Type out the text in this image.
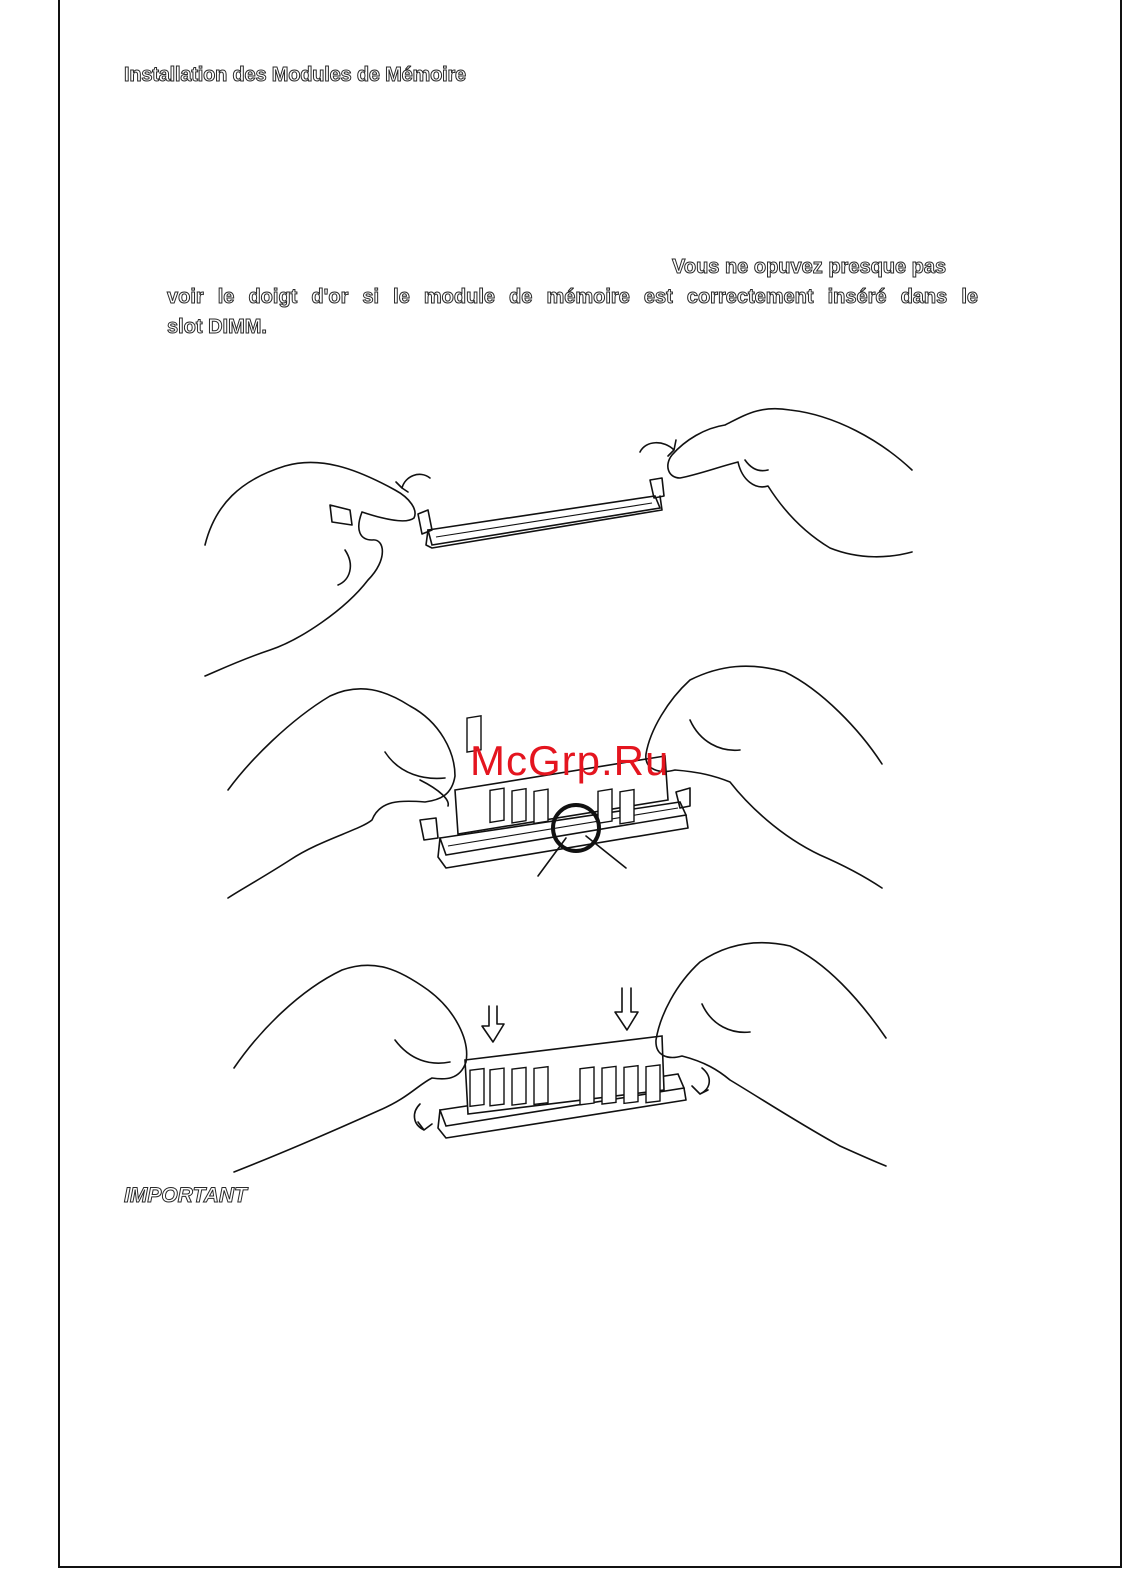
Installation des Modules de Mémoire
Vous ne opuvez presque pas
voir le doigt d'or si le module de mémoire est correctement inséré dans le
slot DIMM.
McGrp.Ru
IMPORTANT
